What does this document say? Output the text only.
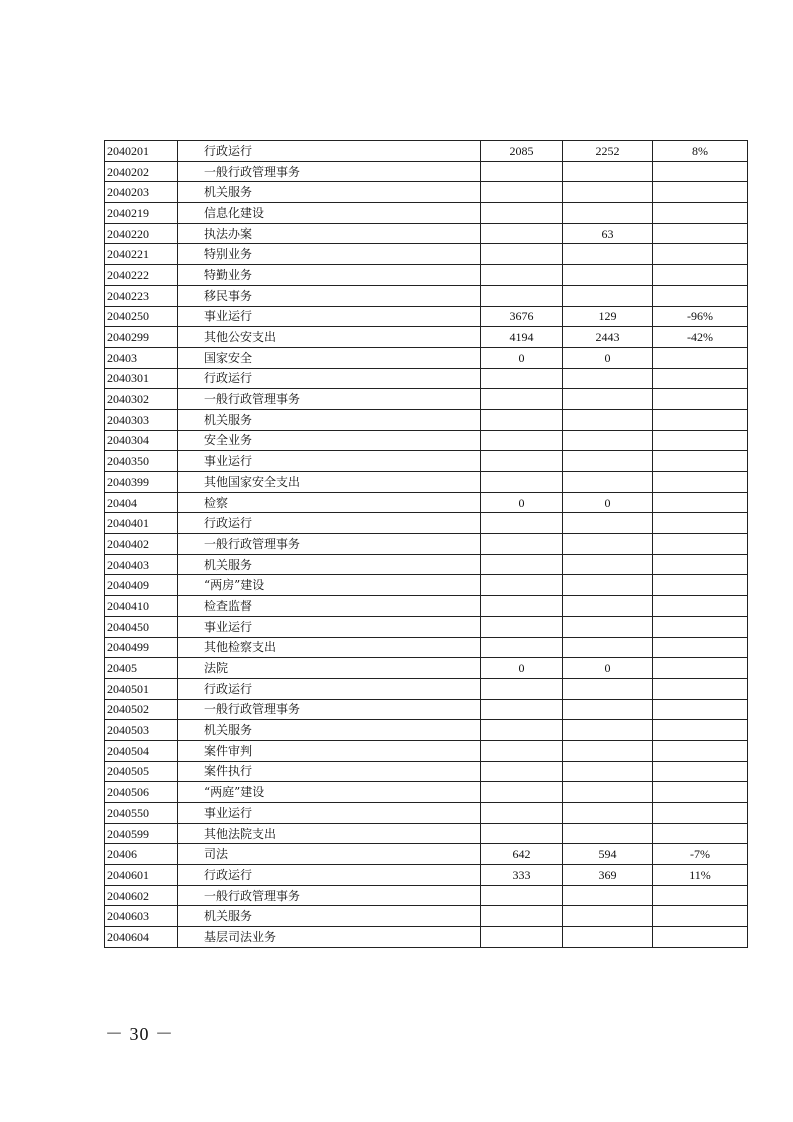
2040201	行政运行	2085	2252	8%
2040202	一般行政管理事务			
2040203	机关服务			
2040219	信息化建设			
2040220	执法办案		63	
2040221	特别业务			
2040222	特勤业务			
2040223	移民事务			
2040250	事业运行	3676	129	-96%
2040299	其他公安支出	4194	2443	-42%
20403	国家安全	0	0	
2040301	行政运行			
2040302	一般行政管理事务			
2040303	机关服务			
2040304	安全业务			
2040350	事业运行			
2040399	其他国家安全支出			
20404	检察	0	0	
2040401	行政运行			
2040402	一般行政管理事务			
2040403	机关服务			
2040409	“两房”建设			
2040410	检查监督			
2040450	事业运行			
2040499	其他检察支出			
20405	法院	0	0	
2040501	行政运行			
2040502	一般行政管理事务			
2040503	机关服务			
2040504	案件审判			
2040505	案件执行			
2040506	“两庭”建设			
2040550	事业运行			
2040599	其他法院支出			
20406	司法	642	594	-7%
2040601	行政运行	333	369	11%
2040602	一般行政管理事务			
2040603	机关服务			
2040604	基层司法业务			
－ 30 －
